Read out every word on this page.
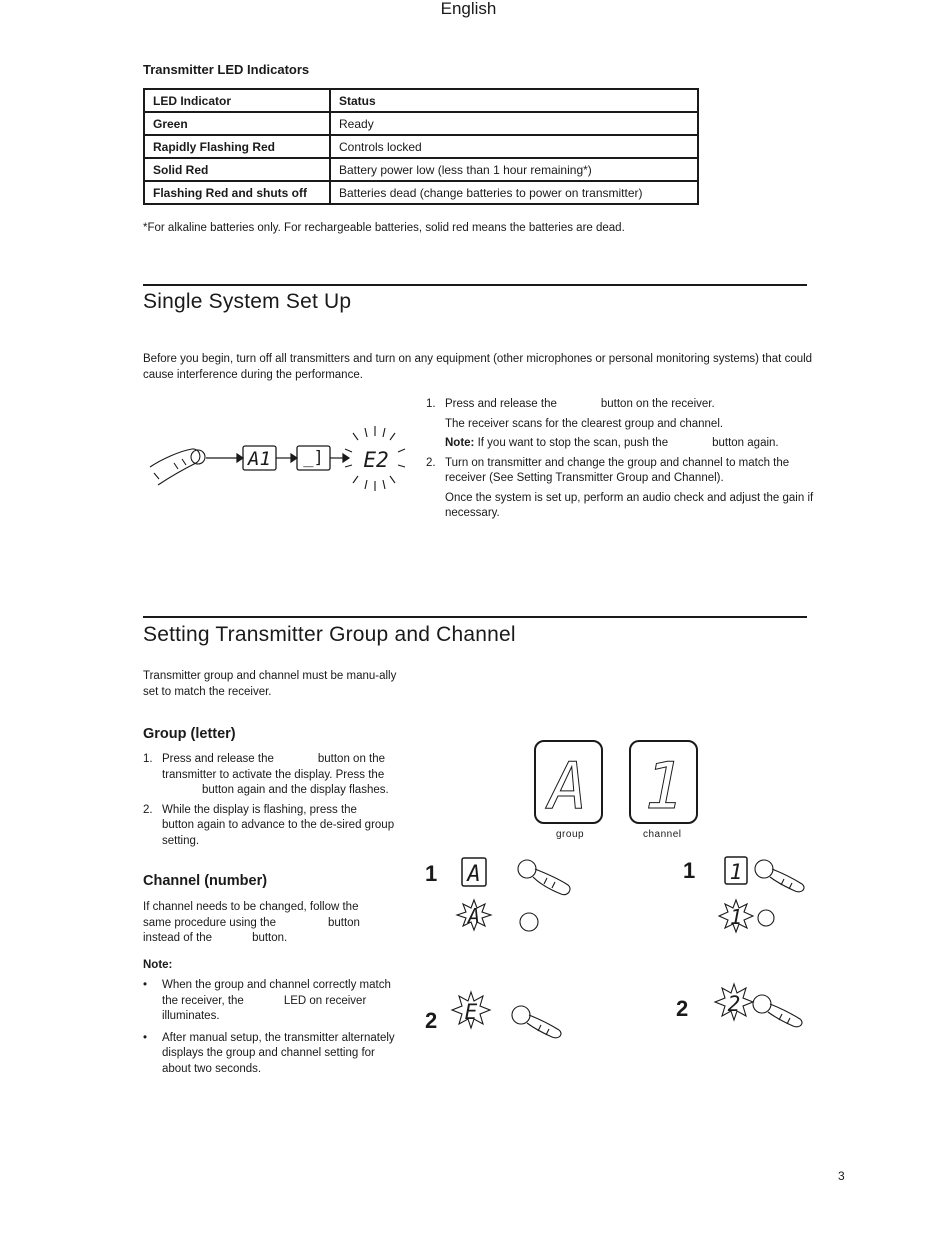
English
Transmitter LED Indicators
LED Indicator	Status
Green	Ready
Rapidly Flashing Red	Controls locked
Solid Red	Battery power low (less than 1 hour remaining*)
Flashing Red and shuts off	Batteries dead (change batteries to power on transmitter)
*For alkaline batteries only. For rechargeable batteries, solid red means the batteries are dead.
Single System Set Up
Before you begin, turn off all transmitters and turn on any equipment (other microphones or personal monitoring systems) that could cause interference during the performance.
A1 _] E2
1. Press and release the	button on the receiver.
The receiver scans for the clearest group and channel.
Note: If you want to stop the scan, push the	button again.
2. Turn on transmitter and change the group and channel to match the receiver (See Setting Transmitter Group and Channel).
Once the system is set up, perform an audio check and adjust the gain if necessary.
Setting Transmitter Group and Channel
Transmitter group and channel must be manu-ally set to match the receiver.
Group (letter)
1. Press and release the	button on the transmitter to activate the display. Press thebutton again and the display flashes.
2. While the display is flashing, press thebutton again to advance to the de-sired group setting.
Channel (number)
If channel needs to be changed, follow the same procedure using the	button instead of the	button.
Note:
• When the group and channel correctly match the receiver, the	LED on receiver illuminates.
• After manual setup, the transmitter alternately displays the group and channel setting for about two seconds.
A 1
group	channel
1 A
A
2 E
1 1
1
2 2
3
